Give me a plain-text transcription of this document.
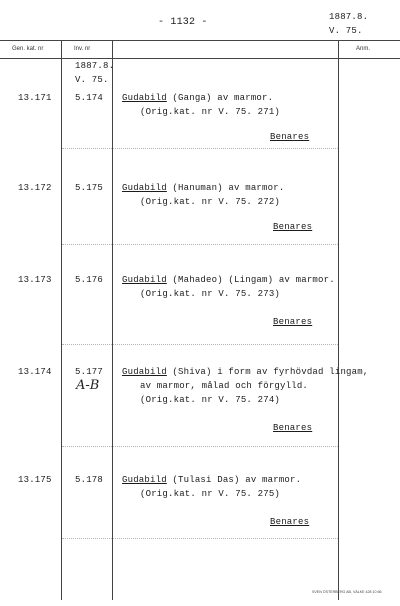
- 1132 -	1887.8.
V. 75.
Gen. kat. nr	Inv. nr	Anm.
1887.8.
V. 75.
SVEN ÖSTERBERG AB, VÄLKE 428 10 66
13.171	5.174 Gudabild (Ganga) av marmor.
(Orig.kat. nr V. 75. 271)
Benares
13.172	5.175 Gudabild (Hanuman) av marmor.
(Orig.kat. nr V. 75. 272)
Benares
13.173	5.176 Gudabild (Mahadeo) (Lingam) av marmor.
(Orig.kat. nr V. 75. 273)
Benares
13.174	5.177
A-B
Gudabild (Shiva) i form av fyrhövdad lingam,
av marmor, målad och förgylld.
(Orig.kat. nr V. 75. 274)
Benares
13.175	5.178 Gudabild (Tulasi Das) av marmor.
(Orig.kat. nr V. 75. 275)
Benares
